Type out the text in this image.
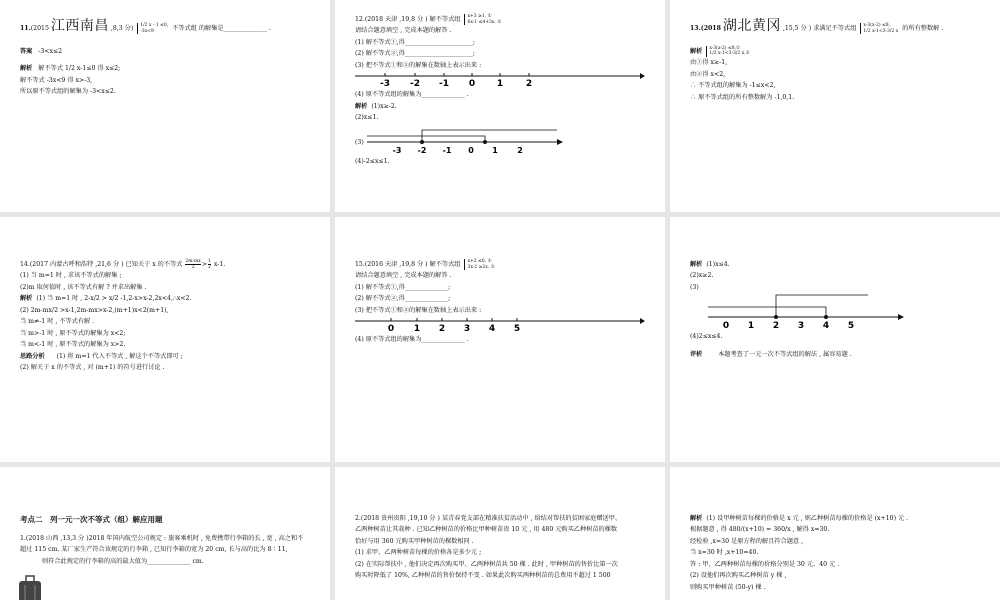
11.(2015 江西南昌 ,8,3 分) 1/2 x - 1 ≤0,
-3x<9	不等式组 的解集是______________ .
答案 -3<x≤2
解析 解不等式 1/2 x-1≤0 得 x≤2;
解不等式 -3x<9 得 x>-3,
所以原不等式组的解集为 -3<x≤2.
12.(2018 天津 ,19,8 分 ) 解不等式组 x+3 ≥1, ①
6x-1 ≤4+3x. ②
请结合题意填空 , 完成本题的解答 .
(1) 解不等式①,得______________________;
(2) 解不等式②,得______________________;
(3) 把不等式①和②的解集在数轴上表示出来 :
-3 -2 -1 0 1	2
(4) 原不等式组的解集为______________ .
解析 (1)x≥-2.
(2)x≤1.
(3)
-3 -2 -1 0 1 2
(4)-2≤x≤1.
13.(2018 湖北黄冈 ,15,5 分 ) 求满足不等式组 x-3(x-2) ≤8,
1/2 x-1<3-3/2 x 的所有整数解 .
解析 x-3(x-2) ≤8,①
1/2 x-1<3-3/2 x,②
由①得 x≥-1,
由②得 x<2,
∴ 不等式组的解集为 -1≤x<2,
∴ 原不等式组的所有整数解为 -1,0,1.
14.(2017 内蒙古呼和浩特 ,21,6 分 ) 已知关于 x 的不等式 $\frac{2m-mx}{2} > \frac{1}{2} x-1$.
(1) 当 m=1 时 , 求该不等式的解集 ;
(2)m 取何值时 , 该不等式有解 ? 并求出解集 .
解析 (1) 当 m=1 时 , 2-x/2 > x/2 -1,2-x>x-2,2x<4,∴x<2.
(2) 2m-mx/2 >x-1,2m-mx>x-2,(m+1)x<2(m+1),
当 m≠-1 时 , 不等式有解 .
当 m>-1 时 , 原不等式的解集为 x<2;
当 m<-1 时 , 原不等式的解集为 x>2.
思路分析 (1) 将 m=1 代入不等式 , 解这个不等式即可 ;
(2) 解关于 x 的不等式 , 对 (m+1) 的符号进行讨论 .
15.(2016 天津 ,19,8 分 ) 解不等式组 x+2 ≤6, ①
3x-2 ≥2x. ②
请结合题意填空 , 完成本题的解答 .
(1) 解不等式①,得______________;
(2) 解不等式②,得______________;
(3) 把不等式①和②的解集在数轴上表示出来 :
0 1 2 3 4 5
(4) 原不等式组的解集为______________ .
解析 (1)x≤4.
(2)x≥2.
(3)
0 1 2 3 4 5
(4)2≤x≤4.
评析	本题考查了一元一次不等式组的解法 , 属容易题 .
考点二　列一元一次不等式（组）解应用题
1.(2018 山西 ,13,3 分 )2018 年国内航空公司规定 : 旅客乘机时 , 免费携带行李箱的长 , 宽 , 高之和不
超过 115 cm. 某厂家生产符合该规定的行李箱 , 已知行李箱的宽为 20 cm, 长与高的比为 8∶11,
则符合此规定的行李箱的高的最大值为______________ cm.
2.(2018 贵州贵阳 ,19,10 分 ) 某青春党支部在精准扶贫活动中 , 给结对帮扶的贫困家庭赠送甲、
乙两种树苗让其栽种 . 已知乙种树苗的价格比甲种树苗贵 10 元 , 用 480 元购买乙种树苗的棵数
恰好与用 360 元购买甲种树苗的棵数相同 .
(1) 求甲、乙两种树苗每棵的价格各是多少元 ;
(2) 在实际帮扶中 , 他们决定再次购买甲、乙两种树苗共 50 棵 . 此时 , 甲种树苗的售价比第一次
购买时降低了 10%, 乙种树苗的售价保持不变 . 如果此次购买两种树苗的总费用不超过 1 500
解析 (1) 设甲种树苗每棵的价格是 x 元 , 则乙种树苗每棵的价格是 (x+10) 元 .
根据题意 , 得 480/(x+10) = 360/x , 解得 x=30.
经检验 ,x=30 是原方程的解且符合题意 ,
当 x=30 时 ,x+10=40.
答 : 甲、乙两种树苗每棵的价格分别是 30 元、40 元 .
(2) 设他们再次购买乙种树苗 y 棵 ,
则购买甲种树苗 (50-y) 棵 .
